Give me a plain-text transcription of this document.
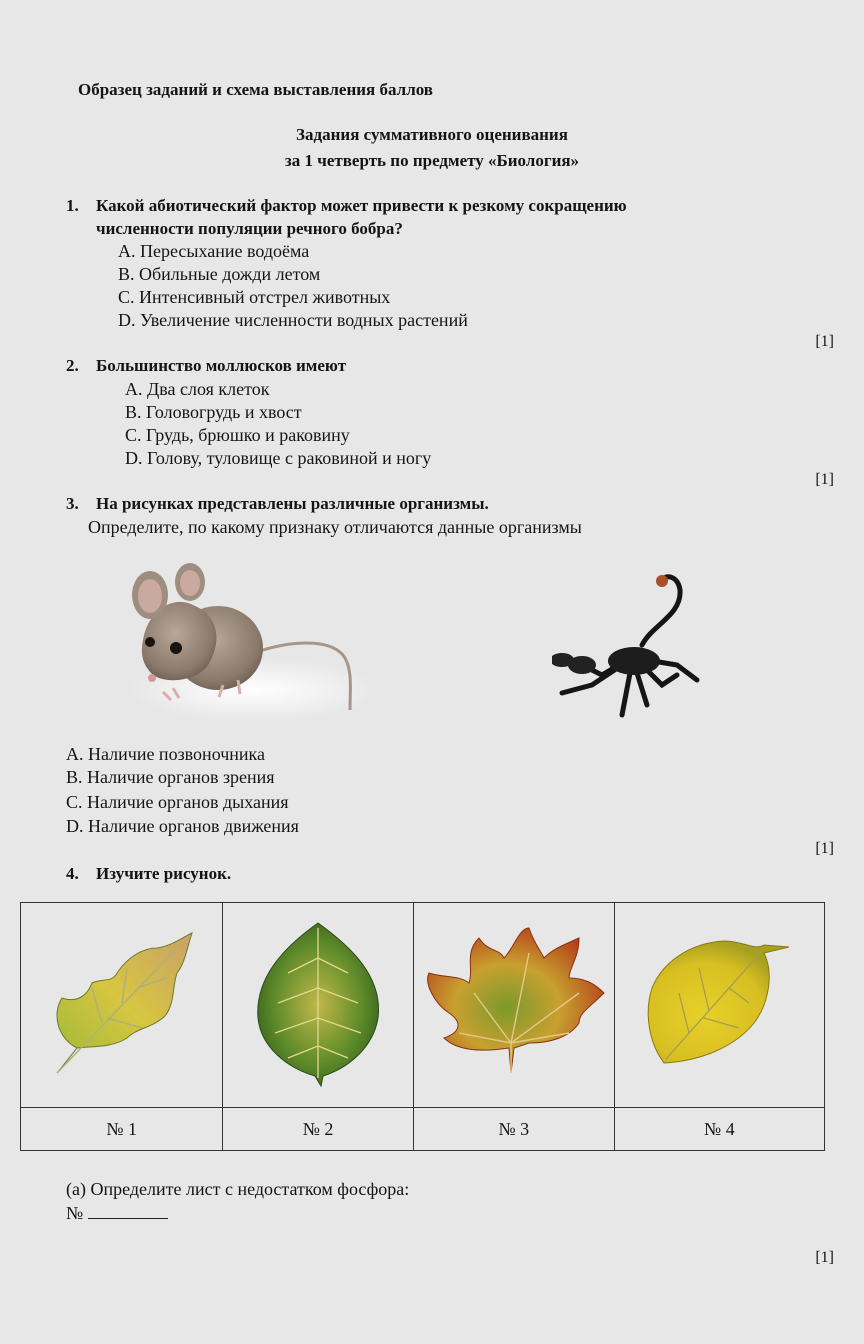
Образец заданий и схема выставления баллов
Задания суммативного оценивания
за 1 четверть по предмету «Биология»
1. Какой абиотический фактор может привести к резкому сокращению
численности популяции речного бобра?
A. Пересыхание водоёма
B. Обильные дожди летом
C. Интенсивный отстрел животных
D. Увеличение численности водных растений
[1]
2. Большинство моллюсков имеют
A. Два слоя клеток
B. Головогрудь и хвост
C. Грудь, брюшко и раковину
D. Голову, туловище с раковиной и ногу
[1]
3. На рисунках представлены различные организмы.
Определите, по какому признаку отличаются данные организмы
A. Наличие позвоночника
B. Наличие органов зрения
C. Наличие органов дыхания
D. Наличие органов движения
[1]
4. Изучите рисунок.

№ 1	№ 2	№ 3	№ 4
(a) Определите лист с недостатком фосфора:
№
[1]
